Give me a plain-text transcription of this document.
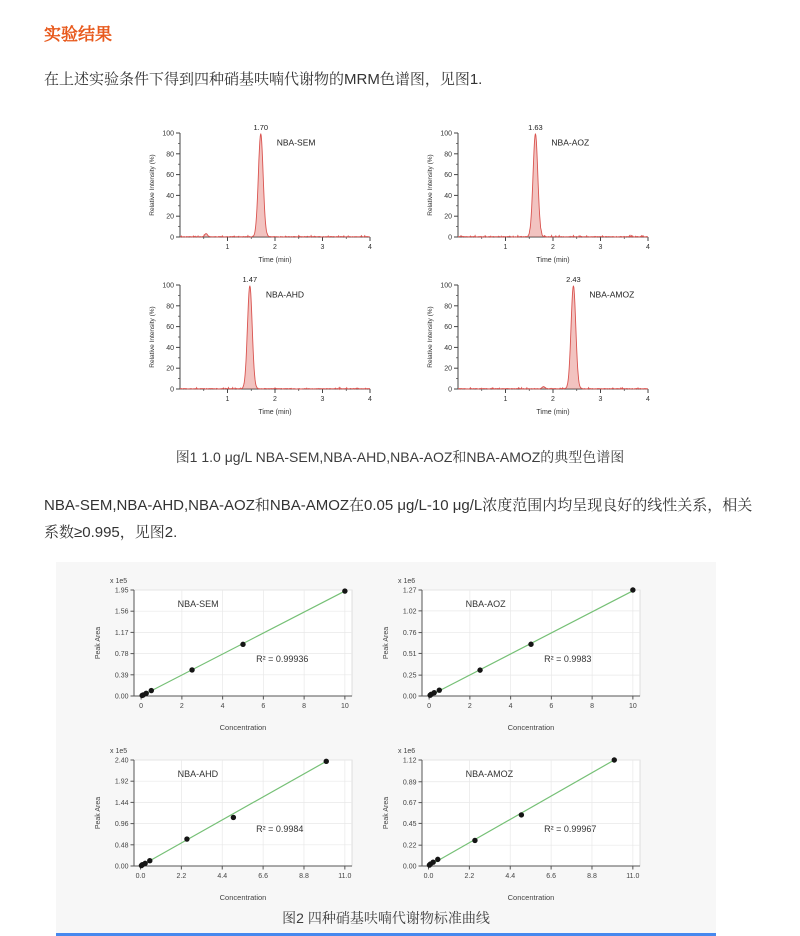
实验结果

在上述实验条件下得到四种硝基呋喃代谢物的MRM色谱图，见图1.

1	2	3	4
0
20
40
60
80
100
Time (min)
Relative Intensity (%)
1.70
NBA-SEM
1	2	3	4
0
20
40
60
80
100
Time (min)
Relative Intensity (%)
1.63
NBA-AOZ
1	2	3	4
0
20
40
60
80
100
Time (min)
Relative Intensity (%)
1.47
NBA-AHD
1	2	3	4
0
20
40
60
80
100
Time (min)
Relative Intensity (%)
2.43
NBA-AMOZ

图1 1.0 μg/L NBA-SEM,NBA-AHD,NBA-AOZ和NBA-AMOZ的典型色谱图

NBA-SEM,NBA-AHD,NBA-AOZ和NBA-AMOZ在0.05 μg/L-10 μg/L浓度范围内均呈现良好的线性关系，相关系数≥0.995，见图2.

0	2	4	6	8	10
0.00
0.39
0.78
1.17
1.56
1.95
x 1e5
Concentration
Peak Area
NBA-SEM
R² = 0.99936
0	2	4	6	8	10
0.00
0.25
0.51
0.76
1.02
1.27
x 1e6
Concentration
Peak Area
NBA-AOZ
R² = 0.9983
0.0	2.2	4.4	6.6	8.8	11.0
0.00
0.48
0.96
1.44
1.92
2.40
x 1e5
Concentration
Peak Area
NBA-AHD
R² = 0.9984
0.0	2.2	4.4	6.6	8.8	11.0
0.00
0.22
0.45
0.67
0.89
1.12
x 1e6
Concentration
Peak Area
NBA-AMOZ
R² = 0.99967

图2 四种硝基呋喃代谢物标准曲线
